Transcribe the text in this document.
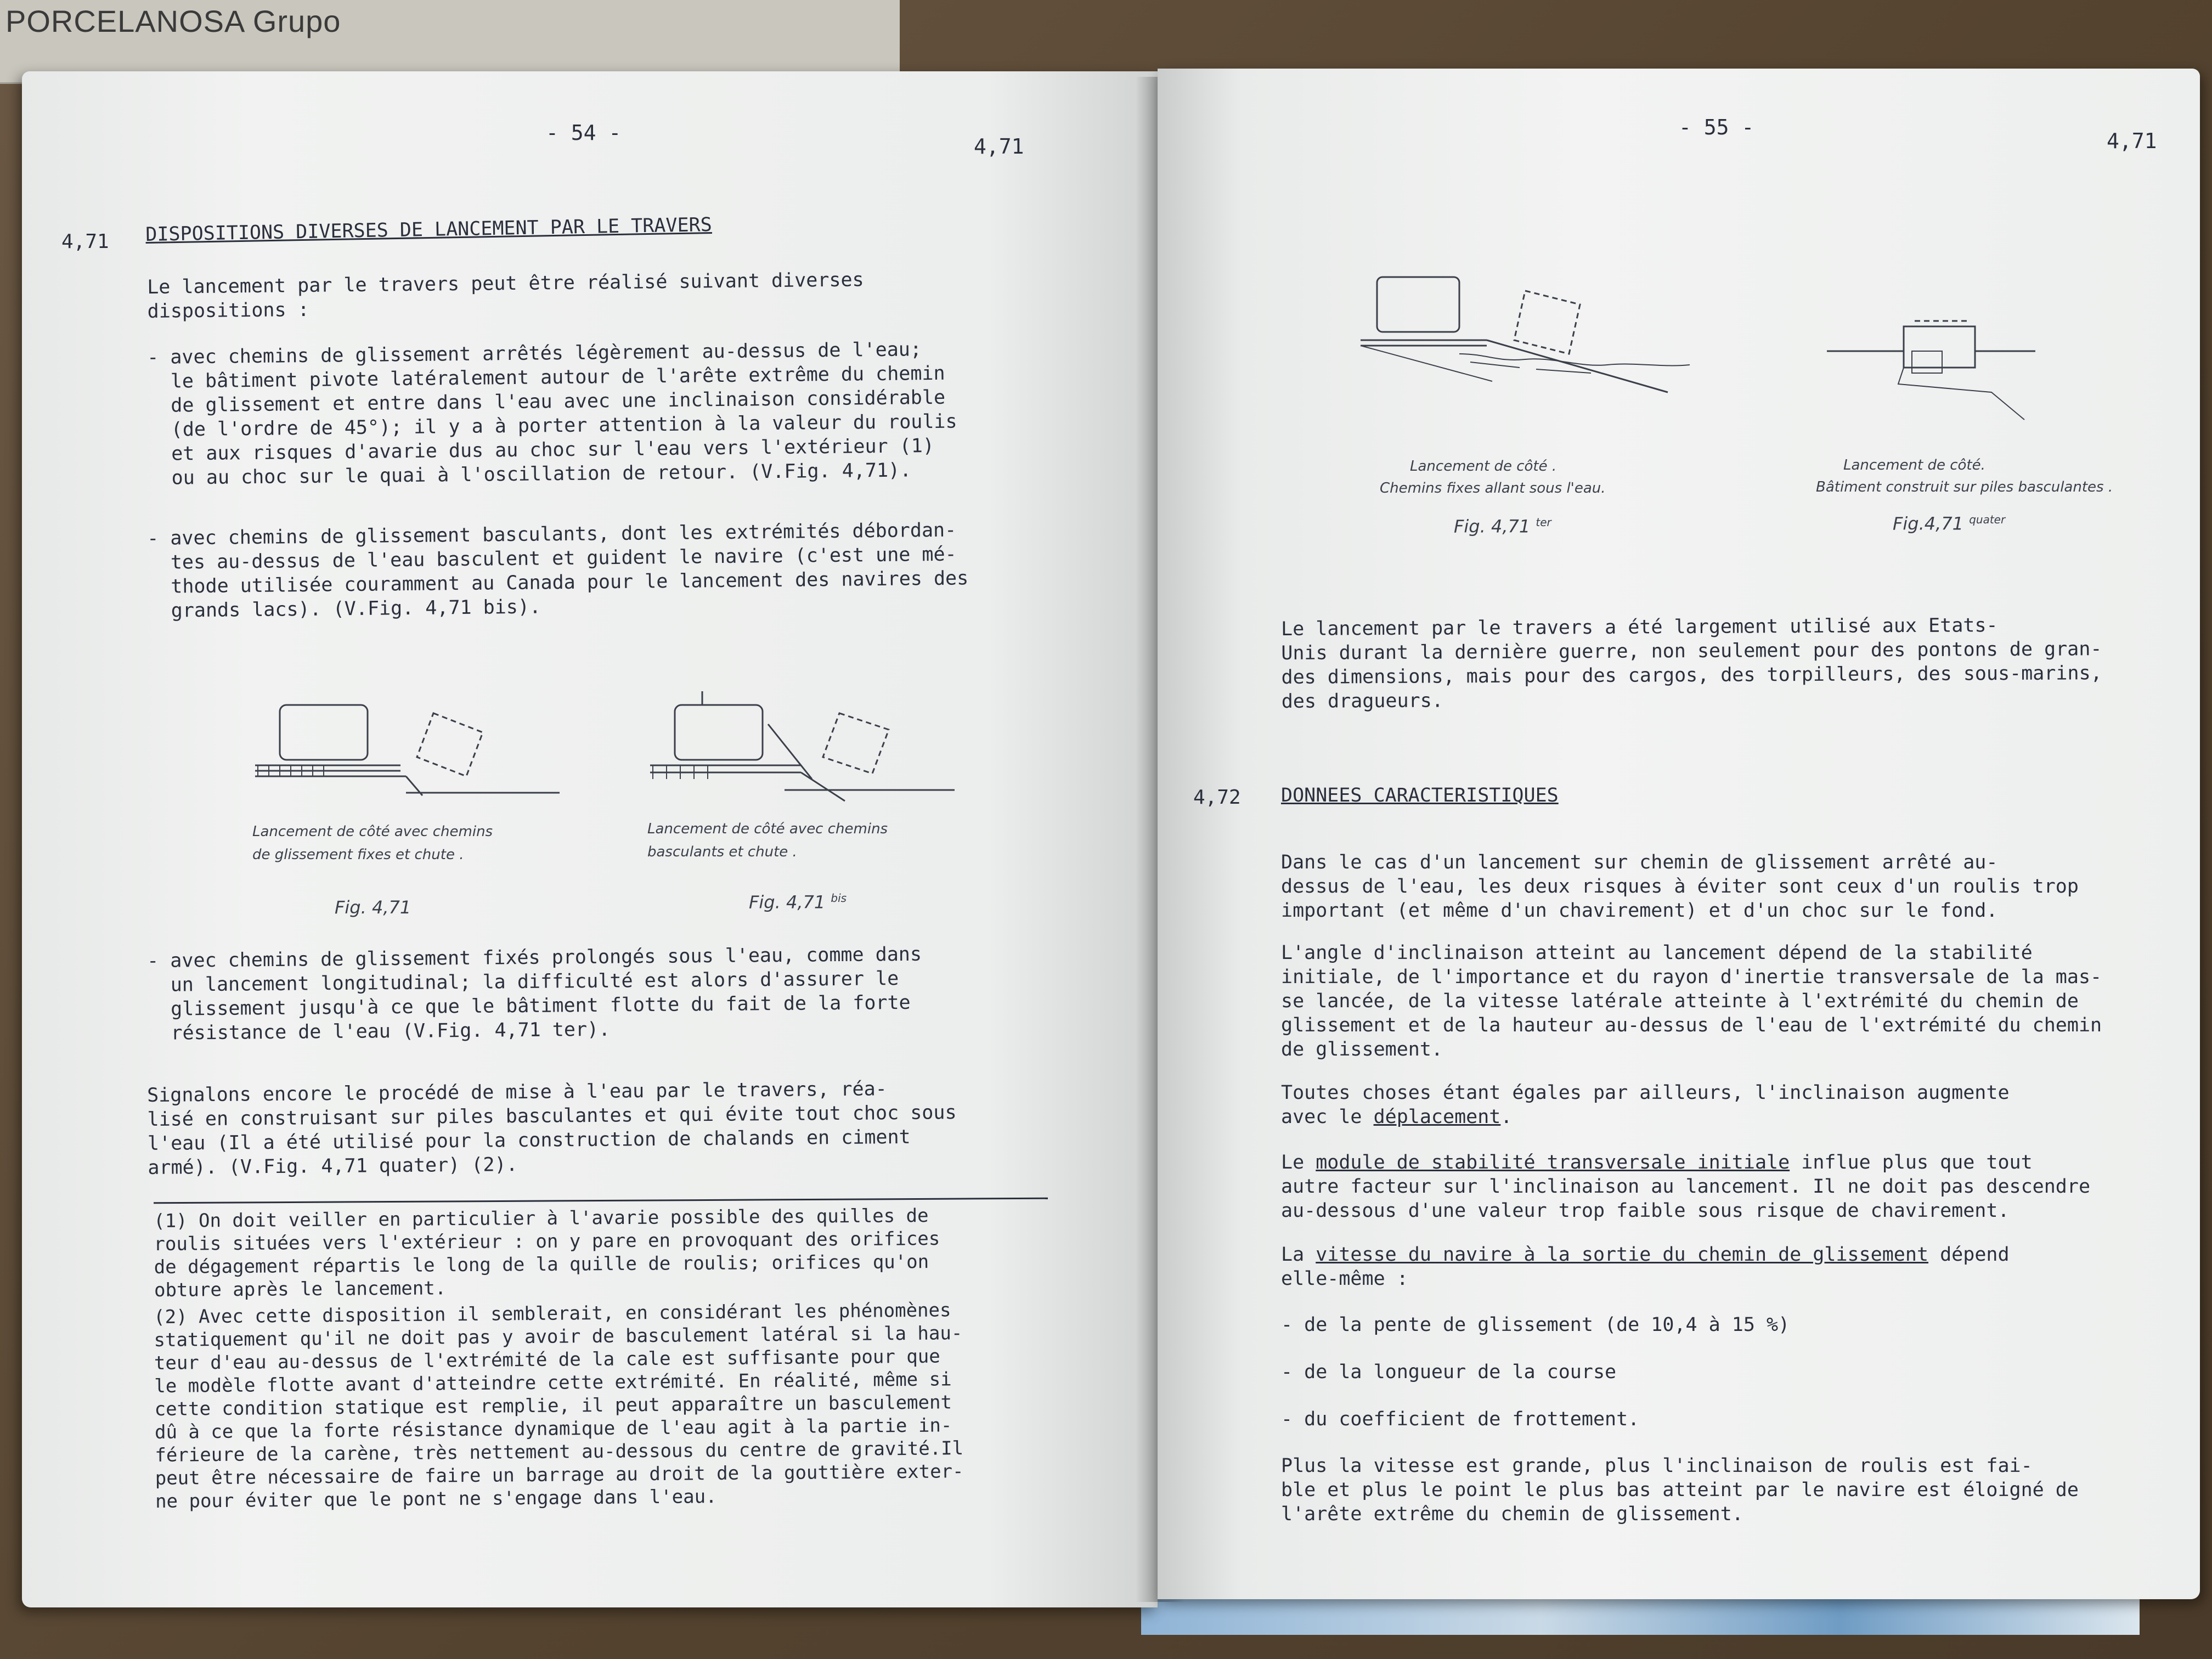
PORCELANOSA Grupo
- 54 -
4,71
4,71 DISPOSITIONS DIVERSES DE LANCEMENT PAR LE TRAVERS
Le lancement par le travers peut être réalisé suivant diverses
dispositions :
- avec chemins de glissement arrêtés légèrement au-dessus de l'eau;
le bâtiment pivote latéralement autour de l'arête extrême du chemin
de glissement et entre dans l'eau avec une inclinaison considérable
(de l'ordre de 45°); il y a à porter attention à la valeur du roulis
et aux risques d'avarie dus au choc sur l'eau vers l'extérieur (1)
ou au choc sur le quai à l'oscillation de retour. (V.Fig. 4,71).
- avec chemins de glissement basculants, dont les extrémités débordan-
tes au-dessus de l'eau basculent et guident le navire (c'est une mé-
thode utilisée couramment au Canada pour le lancement des navires des
grands lacs). (V.Fig. 4,71 bis).
Lancement de côté avec chemins
de glissement fixes et chute .
Fig. 4,71
Lancement de côté avec chemins
basculants et chute .
Fig. 4,71 $^{bis}$
- avec chemins de glissement fixés prolongés sous l'eau, comme dans
un lancement longitudinal; la difficulté est alors d'assurer le
glissement jusqu'à ce que le bâtiment flotte du fait de la forte
résistance de l'eau (V.Fig. 4,71 ter).
Signalons encore le procédé de mise à l'eau par le travers, réa-
lisé en construisant sur piles basculantes et qui évite tout choc sous
l'eau (Il a été utilisé pour la construction de chalands en ciment
armé). (V.Fig. 4,71 quater) (2).
(1) On doit veiller en particulier à l'avarie possible des quilles de
roulis situées vers l'extérieur : on y pare en provoquant des orifices
de dégagement répartis le long de la quille de roulis; orifices qu'on
obture après le lancement.
(2) Avec cette disposition il semblerait, en considérant les phénomènes
statiquement qu'il ne doit pas y avoir de basculement latéral si la hau-
teur d'eau au-dessus de l'extrémité de la cale est suffisante pour que
le modèle flotte avant d'atteindre cette extrémité. En réalité, même si
cette condition statique est remplie, il peut apparaître un basculement
dû à ce que la forte résistance dynamique de l'eau agit à la partie in-
férieure de la carène, très nettement au-dessous du centre de gravité.Il
peut être nécessaire de faire un barrage au droit de la gouttière exter-
ne pour éviter que le pont ne s'engage dans l'eau.
- 55 -
4,71
Lancement de côté .
Chemins fixes allant sous l'eau.
Fig. 4,71 $^{ter}$
Lancement de côté.
Bâtiment construit sur piles basculantes .
Fig.4,71 $^{quater}$
Le lancement par le travers a été largement utilisé aux Etats-
Unis durant la dernière guerre, non seulement pour des pontons de gran-
des dimensions, mais pour des cargos, des torpilleurs, des sous-marins,
des dragueurs.
4,72 DONNEES CARACTERISTIQUES
Dans le cas d'un lancement sur chemin de glissement arrêté au-
dessus de l'eau, les deux risques à éviter sont ceux d'un roulis trop
important (et même d'un chavirement) et d'un choc sur le fond.
L'angle d'inclinaison atteint au lancement dépend de la stabilité
initiale, de l'importance et du rayon d'inertie transversale de la mas-
se lancée, de la vitesse latérale atteinte à l'extrémité du chemin de
glissement et de la hauteur au-dessus de l'eau de l'extrémité du chemin
de glissement.
Toutes choses étant égales par ailleurs, l'inclinaison augmente
avec le déplacement.
Le module de stabilité transversale initiale influe plus que tout
autre facteur sur l'inclinaison au lancement. Il ne doit pas descendre
au-dessous d'une valeur trop faible sous risque de chavirement.
La vitesse du navire à la sortie du chemin de glissement dépend
elle-même :
- de la pente de glissement (de 10,4 à 15 %)
- de la longueur de la course
- du coefficient de frottement.
Plus la vitesse est grande, plus l'inclinaison de roulis est fai-
ble et plus le point le plus bas atteint par le navire est éloigné de
l'arête extrême du chemin de glissement.
